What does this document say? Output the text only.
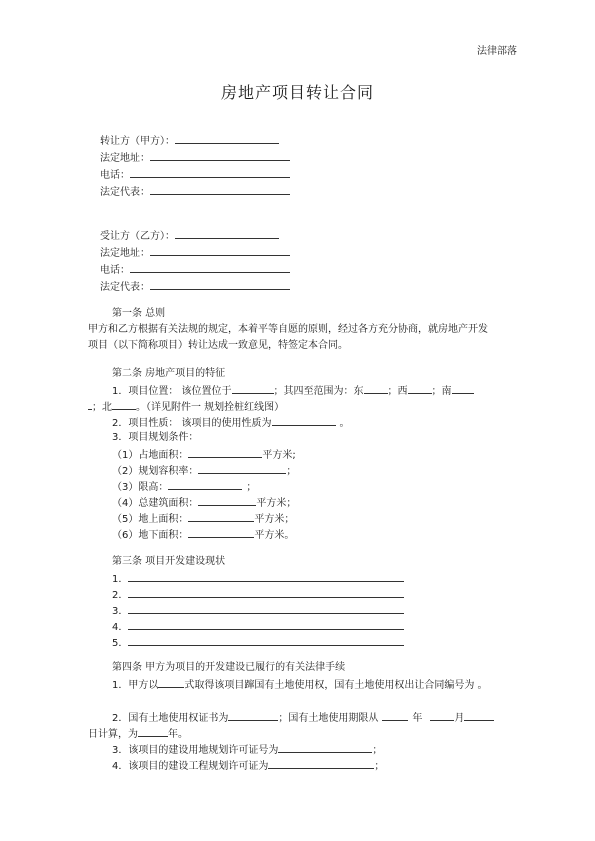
法律部落
房地产项目转让合同
转让方（甲方）：
法定地址：
电话：
法定代表：
受让方（乙方）：
法定地址：
电话：
法定代表：
第一条 总则
甲方和乙方根据有关法规的规定，本着平等自愿的原则，经过各方充分协商，就房地产开发
项目（以下简称项目）转让达成一致意见，特签定本合同。
第二条 房地产项目的特征
1．项目位置： 该位置位于	；其四至范围为：东 ；西 ；南
；北 。（详见附件一 规划拴桩红线图）
2．项目性质： 该项目的使用性质为	。
3．项目规划条件：
（1）占地面积：	平方米;
（2）规划容积率：	；
（3）限高：	；
（4）总建筑面积：	平方米；
（5）地上面积：	平方米；
（6）地下面积：	平方米。
第三条 项目开发建设现状
1．
2．
3．
4．
5．
第四条 甲方为项目的开发建设已履行的有关法律手续
1．甲方以	式取得该项目蹿国有土地使用权，国有土地使用权出让合同编号为 。
2．国有土地使用权证书为	；国有土地使用期限从	年	月
日计算，为	年。
3．该项目的建设用地规划许可证号为	；
4．该项目的建设工程规划许可证为	；
